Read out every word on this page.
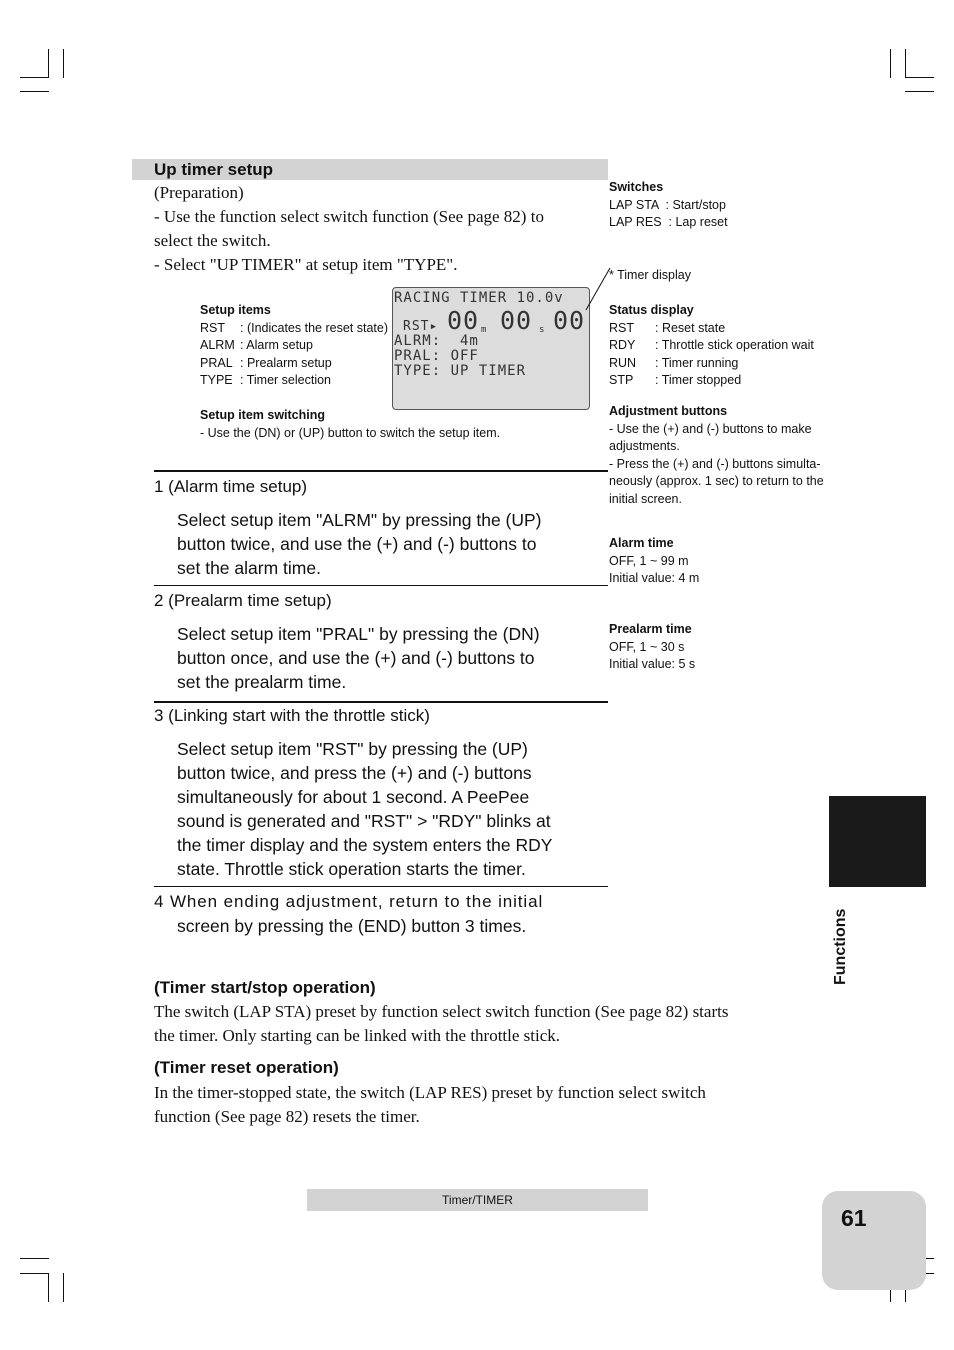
Up timer setup
(Preparation)
- Use the function select switch function (See page 82) to
select the switch.
- Select "UP TIMER" at setup item "TYPE".
Setup items
RST : (Indicates the reset state)
ALRM : Alarm setup
PRAL : Prealarm setup
TYPE : Timer selection
Setup item switching
- Use the (DN) or (UP) button to switch the setup item.
RACING TIMER 10.0v
RST▸ 00 m 00 s 00
ALRM:  4m
PRAL: OFF
TYPE: UP TIMER
Switches
LAP STA  : Start/stop
LAP RES  : Lap reset
* Timer display
Status display
RST : Reset state
RDY : Throttle stick operation wait
RUN : Timer running
STP : Timer stopped
Adjustment buttons
- Use the (+) and (-) buttons to make
adjustments.
- Press the (+) and (-) buttons simulta-
neously (approx. 1 sec) to return to the
initial screen.
Alarm time
OFF, 1 ~ 99 m
Initial value: 4 m
Prealarm time
OFF, 1 ~ 30 s
Initial value: 5 s
1 (Alarm time setup)
Select setup item "ALRM" by pressing the (UP)
button twice, and use the (+) and (-) buttons to
set the alarm time.
2 (Prealarm time setup)
Select setup item "PRAL" by pressing the (DN)
button once, and use the (+) and (-) buttons to
set the prealarm time.
3 (Linking start with the throttle stick)
Select setup item "RST" by pressing the (UP)
button twice, and press the (+) and (-) buttons
simultaneously for about 1 second. A PeePee
sound is generated and "RST" > "RDY" blinks at
the timer display and the system enters the RDY
state. Throttle stick operation starts the timer.
4 When ending adjustment, return to the initial
screen by pressing the (END) button 3 times.
(Timer start/stop operation)
The switch (LAP STA) preset by function select switch function (See page 82) starts
the timer. Only starting can be linked with the throttle stick.
(Timer reset operation)
In the timer-stopped state, the switch (LAP RES) preset by function select switch
function (See page 82) resets the timer.
Functions
Timer/TIMER
61
